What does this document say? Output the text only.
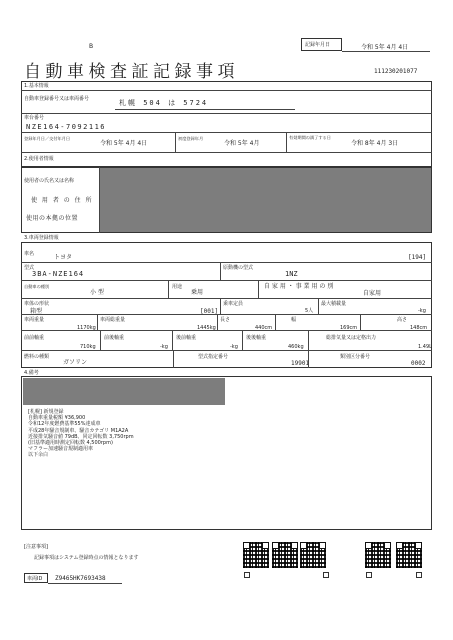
B
自動車検査証記録事項
記録年月日	令和 5年 4月 4日
111230201077
1.基本情報
自動車登録番号又は車両番号	札幌 504 は 5724
車台番号
NZE164-7092116
登録年月日／交付年月日
令和 5年 4月 4日
初度登録年月
令和 5年 4月
有効期間の満了する日
令和 8年 4月 3日
2.使用者情報
使用者の氏名又は名称
使 用 者 の 住 所
使用の本拠の位置
3.車両登録情報
車名	トヨタ	[194]
型式
3BA-NZE164
原動機の型式
1NZ
自動車の種別
小 型
用途
乗用
自 家 用 ・ 事 業 用 の 別
自家用
車体の形状
箱型	[001]
乗車定員
5人
最大積載量
-kg
車両重量
1170kg
車両総重量
1445kg
長さ
440cm
幅
169cm
高さ
148cm
前前軸重
710kg
前後軸重
-kg
後前軸重
-kg
後後軸重
460kg
総排気量又は定格出力
1.49L
燃料の種類
ガソリン
型式指定番号
19901
類別区分番号
0002
4.備考
[札幌] 新規登録
自動車重量税額 ¥36,900
令和12年度燃費基準55%達成車
平成28年騒音規制車、騒音カテゴリ M1A2A
近接排気騒音値 79dB、同定回転数 3,750rpm
(旧基準適用時測定回転数 4,500rpm)
マフラー加速騒音規制適用車
以下余白
[注意事項]
記録事項はシステム登録時点の情報となります
車両ID Z9465HK7693438
